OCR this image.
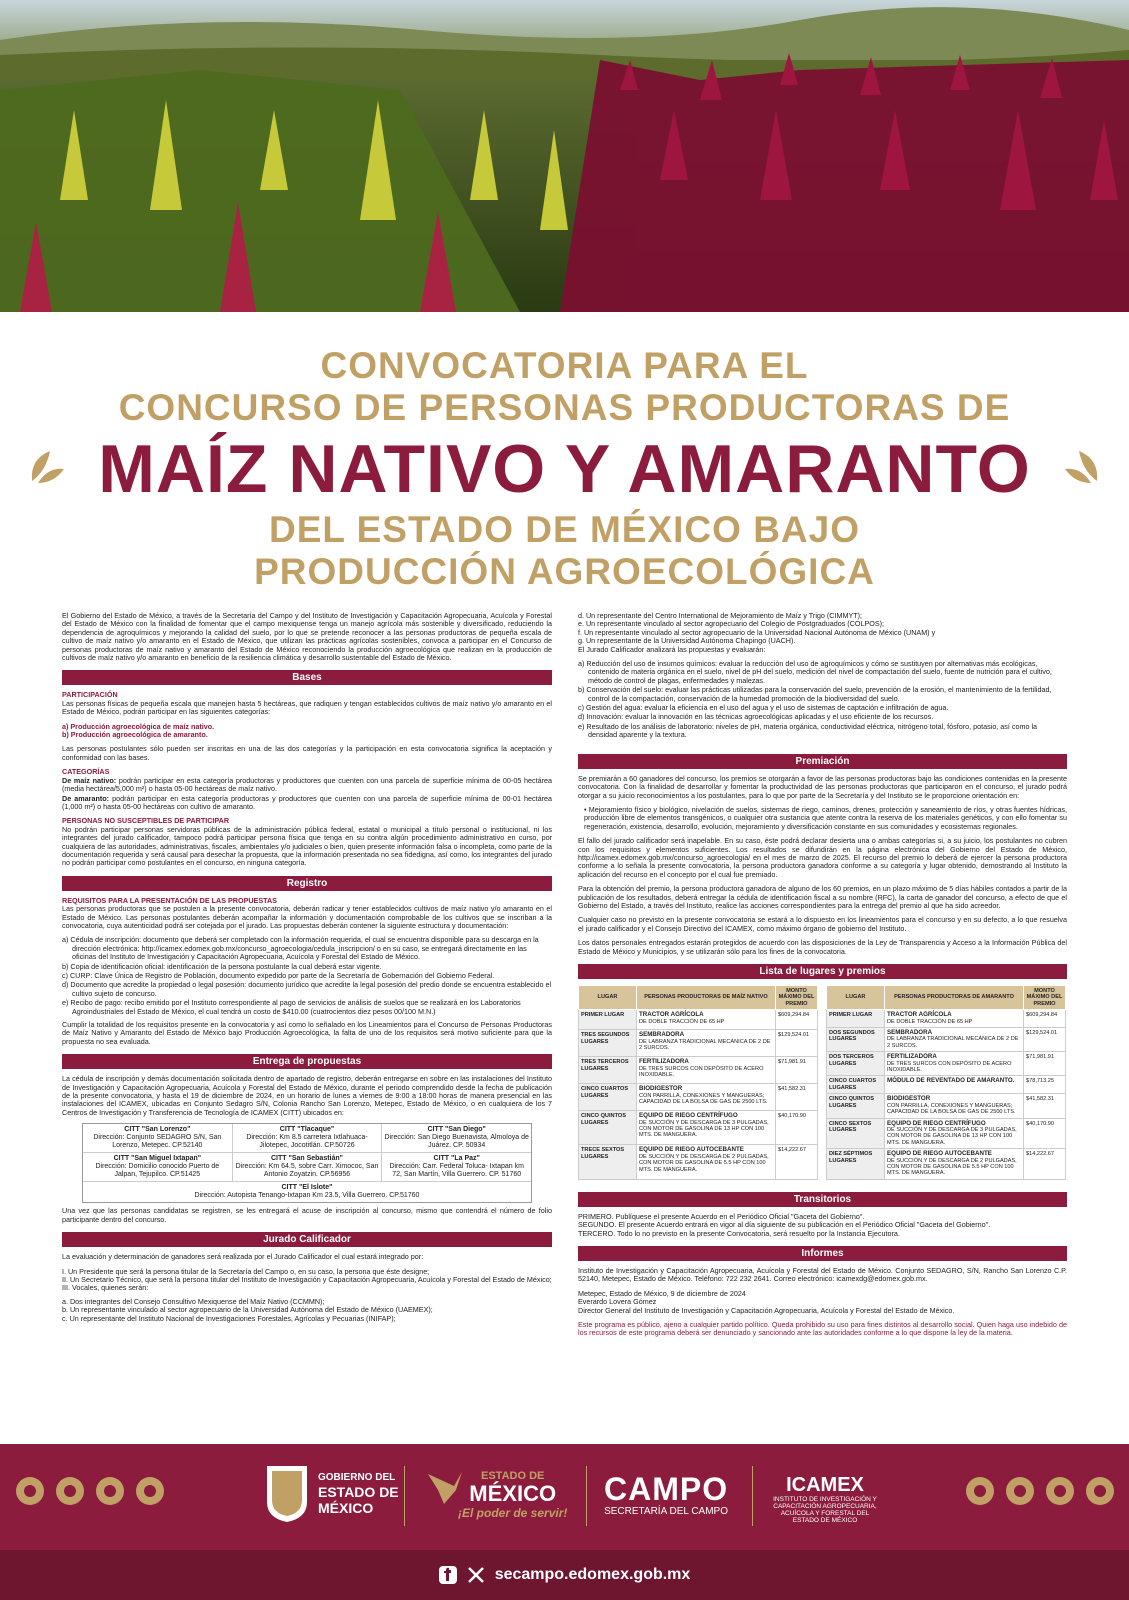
CONVOCATORIA PARA EL
CONCURSO DE PERSONAS PRODUCTORAS DE
MAÍZ NATIVO Y AMARANTO
DEL ESTADO DE MÉXICO BAJO
PRODUCCIÓN AGROECOLÓGICA

El Gobierno del Estado de México, a través de la Secretaría del Campo y del Instituto de Investigación y Capacitación Agropecuaria, Acuícola y Forestal del Estado de México con la finalidad de fomentar que el campo mexiquense tenga un manejo agrícola más sostenible y diversificado, reduciendo la dependencia de agroquímicos y mejorando la calidad del suelo, por lo que se pretende reconocer a las personas productoras de pequeña escala de cultivo de maíz nativo y/o amaranto en el Estado de México, que utilizan las prácticas agrícolas sostenibles, convoca a participar en el Concurso de personas productoras de maíz nativo y amaranto del Estado de México reconociendo la producción agroecológica que realizan en la producción de cultivos de maíz nativo y/o amaranto en beneficio de la resiliencia climática y desarrollo sustentable del Estado de México.

Bases
PARTICIPACIÓN

Las personas físicas de pequeña escala que manejen hasta 5 hectáreas, que radiquen y tengan establecidos cultivos de maíz nativo y/o amaranto en el Estado de México, podrán participar en las siguientes categorías:

a) Producción agroecológica de maíz nativo.
b) Producción agroecológica de amaranto.

Las personas postulantes sólo pueden ser inscritas en una de las dos categorías y la participación en esta convocatoria significa la aceptación y conformidad con las bases.

CATEGORÍAS

De maíz nativo: podrán participar en esta categoría productoras y productores que cuenten con una parcela de superficie mínima de 00-05 hectárea (media hectárea/5,000 m²) o hasta 05-00 hectáreas de maíz nativo.

De amaranto: podrán participar en esta categoría productoras y productores que cuenten con una parcela de superficie mínima de 00-01 hectárea (1,000 m²) o hasta 05-00 hectáreas con cultivo de amaranto.

PERSONAS NO SUSCEPTIBLES DE PARTICIPAR

No podrán participar personas servidoras públicas de la administración pública federal, estatal o municipal a título personal o institucional, ni los integrantes del jurado calificador, tampoco podrá participar persona física que tenga en su contra algún procedimiento administrativo en curso, por cualquiera de las autoridades, administrativas, fiscales, ambientales y/o judiciales o bien, quien presente información falsa o incompleta, como parte de la documentación requerida y será causal para desechar la propuesta, que la información presentada no sea fidedigna, así como, los integrantes del jurado no podrán participar como postulantes en el concurso, en ninguna categoría.

Registro
REQUISITOS PARA LA PRESENTACIÓN DE LAS PROPUESTAS

Las personas productoras que se postulen a la presente convocatoria, deberán radicar y tener establecidos cultivos de maíz nativo y/o amaranto en el Estado de México. Las personas postulantes deberán acompañar la información y documentación comprobable de los cultivos que se inscriban a la convocatoria, cuya autenticidad podrá ser cotejada por el jurado. Las propuestas deberán contener la siguiente estructura y documentación:

a) Cédula de inscripción: documento que deberá ser completado con la información requerida, el cual se encuentra disponible para su descarga en la dirección electrónica: http://icamex.edomex.gob.mx/concurso_agroecologia/cedula_inscripcion/ o en su caso, se entregará directamente en las oficinas del Instituto de Investigación y Capacitación Agropecuaria, Acuícola y Forestal del Estado de México.
b) Copia de identificación oficial: identificación de la persona postulante la cual deberá estar vigente.
c) CURP: Clave Única de Registro de Población, documento expedido por parte de la Secretaría de Gobernación del Gobierno Federal.
d) Documento que acredite la propiedad o legal posesión: documento jurídico que acredite la legal posesión del predio donde se encuentra establecido el cultivo sujeto de concurso.
e) Recibo de pago: recibo emitido por el Instituto correspondiente al pago de servicios de análisis de suelos que se realizará en los Laboratorios Agroindustriales del Estado de México, el cual tendrá un costo de $410.00 (cuatrocientos diez pesos 00/100 M.N.)

Cumplir la totalidad de los requisitos presente en la convocatoria y así como lo señalado en los Lineamientos para el Concurso de Personas Productoras de Maíz Nativo y Amaranto del Estado de México bajo Producción Agroecológica, la falta de uno de los requisitos será motivo suficiente para que la propuesta no sea evaluada.

Entrega de propuestas

La cédula de inscripción y demás documentación solicitada dentro de apartado de registro, deberán entregarse en sobre en las instalaciones del Instituto de Investigación y Capacitación Agropecuaria, Acuícola y Forestal del Estado de México, durante el periodo comprendido desde la fecha de publicación de la presente convocatoria, y hasta el 19 de diciembre de 2024, en un horario de lunes a viernes de 9:00 a 18:00 horas de manera presencial en las instalaciones del ICAMEX, ubicadas en Conjunto Sedagro S/N, Colonia Rancho San Lorenzo, Metepec, Estado de México, o en cualquiera de los 7 Centros de Investigación y Transferencia de Tecnología de ICAMEX (CITT) ubicados en:

CITT "San Lorenzo"
Dirección: Conjunto SEDAGRO S/N, San Lorenzo, Metepec. CP.52140
CITT "Tlacaque"
Dirección: Km 8.5 carretera Ixtlahuaca-Jilotepec, Jocotitlán. CP.50726
CITT "San Diego"
Dirección: San Diego Buenavista, Almoloya de Juárez. CP. 50934
CITT "San Miguel Ixtapan"
Dirección: Domicilio conocido Puerto de Jalpan, Tejupilco. CP.51425
CITT "San Sebastián"
Dirección: Km 64.5, sobre Carr. Ximococ, San Antonio Zoyatzin. CP.56956
CITT "La Paz"
Dirección: Carr. Federal Toluca- Ixtapan km 72, San Martín, Villa Guerrero. CP. 51760
CITT "El Islote"
Dirección: Autopista Tenango-Ixtapan Km 23.5, Villa Guerrero. CP.51760

Una vez que las personas candidatas se registren, se les entregará el acuse de inscripción al concurso, mismo que contendrá el número de folio participante dentro del concurso.

Jurado Calificador

La evaluación y determinación de ganadores será realizada por el Jurado Calificador el cual estará integrado por:

I. Un Presidente que será la persona titular de la Secretaría del Campo o, en su caso, la persona que éste designe;
II. Un Secretario Técnico, que será la persona titular del Instituto de Investigación y Capacitación Agropecuaria, Acuícola y Forestal del Estado de México;
III. Vocales, quienes serán:
a. Dos integrantes del Consejo Consultivo Mexiquense del Maíz Nativo (CCMMN);
b. Un representante vinculado al sector agropecuario de la Universidad Autónoma del Estado de México (UAEMEX);
c. Un representante del Instituto Nacional de Investigaciones Forestales, Agrícolas y Pecuarias (INIFAP);
d. Un representante del Centro International de Mejoramiento de Maíz y Trigo (CIMMYT);
e. Un representante vinculado al sector agropecuario del Colegio de Postgraduados (COLPOS);
f. Un representante vinculado al sector agropecuario de la Universidad Nacional Autónoma de México (UNAM) y
g. Un representante de la Universidad Autónoma Chapingo (UACH).

El Jurado Calificador analizará las propuestas y evaluarán:

a) Reducción del uso de insumos químicos: evaluar la reducción del uso de agroquímicos y cómo se sustituyen por alternativas más ecológicas, contenido de materia orgánica en el suelo, nivel de pH del suelo, medición del nivel de compactación del suelo, fuente de nutrición para el cultivo, método de control de plagas, enfermedades y malezas.
b) Conservación del suelo: evaluar las prácticas utilizadas para la conservación del suelo, prevención de la erosión, el mantenimiento de la fertilidad, control de la compactación, conservación de la humedad promoción de la biodiversidad del suelo.
c) Gestión del agua: evaluar la eficiencia en el uso del agua y el uso de sistemas de captación e infiltración de agua.
d) Innovación: evaluar la innovación en las técnicas agroecológicas aplicadas y el uso eficiente de los recursos.
e) Resultado de los análisis de laboratorio: niveles de pH, materia orgánica, conductividad eléctrica, nitrógeno total, fósforo, potasio, así como la densidad aparente y la textura.
Premiación

Se premiarán a 60 ganadores del concurso, los premios se otorgarán a favor de las personas productoras bajo las condiciones contenidas en la presente convocatoria. Con la finalidad de desarrollar y fomentar la productividad de las personas productoras que participaron en el concurso, el jurado podrá otorgar a su juicio reconocimientos a los postulantes, para lo que por parte de la Secretaría y del Instituto se le proporcione orientación en:

• Mejoramiento físico y biológico, nivelación de suelos, sistemas de riego, caminos, drenes, protección y saneamiento de ríos, y otras fuentes hídricas, producción libre de elementos transgénicos, o cualquier otra sustancia que atente contra la reserva de los materiales genéticos, y con ello fomentar su regeneración, existencia, desarrollo, evolución, mejoramiento y diversificación constante en sus comunidades y ecosistemas regionales.

El fallo del jurado calificador será inapelable. En su caso, éste podrá declarar desierta una o ambas categorías si, a su juicio, los postulantes no cubren con los requisitos y elementos suficientes. Los resultados se difundirán en la página electrónica del Gobierno del Estado de México, http://icamex.edomex.gob.mx/concurso_agroecologia/ en el mes de marzo de 2025. El recurso del premio lo deberá de ejercer la persona productora conforme a lo señala la presente convocatoria, la persona productora ganadora conforme a su categoría y lugar obtenido, demostrando al Instituto la aplicación del recurso en el concepto por el cual fue premiado.

Para la obtención del premio, la persona productora ganadora de alguno de los 60 premios, en un plazo máximo de 5 días hábiles contados a partir de la publicación de los resultados, deberá entregar la cédula de identificación fiscal a su nombre (RFC), la carta de ganador del concurso, a efecto de que el Gobierno del Estado, a través del Instituto, realice las acciones correspondientes para la entrega del premio al que ha sido acreedor.

Cualquier caso no previsto en la presente convocatoria se estará a lo dispuesto en los lineamientos para el concurso y en su defecto, a lo que resuelva el jurado calificador y el Consejo Directivo del ICAMEX, como máximo órgano de gobierno del Instituto.

Los datos personales entregados estarán protegidos de acuerdo con las disposiciones de la Ley de Transparencia y Acceso a la Información Pública del Estado de México y Municipios, y se utilizarán sólo para los fines de la convocatoria.

Lista de lugares y premios
LUGAR	PERSONAS PRODUCTORAS DE MAÍZ NATIVO	MONTO MÁXIMO DEL PREMIO
PRIMER LUGAR	TRACTOR AGRÍCOLA
DE DOBLE TRACCIÓN DE 65 HP	$609,294.84
TRES SEGUNDOS LUGARES	SEMBRADORA
DE LABRANZA TRADICIONAL MECÁNICA DE 2 DE 2 SURCOS.	$129,524.01
TRES TERCEROS LUGARES	FERTILIZADORA
DE TRES SURCOS CON DEPÓSITO DE ACERO INOXIDABLE.	$71,981.91
CINCO CUARTOS LUGARES	BIODIGESTOR
CON PARRILLA, CONEXIONES Y MANGUERAS; CAPACIDAD DE LA BOLSA DE GAS DE 2500 LTS.	$41,582.31
CINCO QUINTOS LUGARES	EQUIPO DE RIEGO CENTRÍFUGO
DE SUCCIÓN Y DE DESCARGA DE 3 PULGADAS, CON MOTOR DE GASOLINA DE 13 HP CON 100 MTS. DE MANGUERA.	$40,170.90
TRECE SEXTOS LUGARES	EQUIPO DE RIEGO AUTOCEBANTE
DE SUCCIÓN Y DE DESCARGA DE 2 PULGADAS, CON MOTOR DE GASOLINA DE 5.5 HP CON 100 MTS. DE MANGUERA.	$14,222.67
LUGAR	PERSONAS PRODUCTORAS DE AMARANTO	MONTO MÁXIMO DEL PREMIO
PRIMER LUGAR	TRACTOR AGRÍCOLA
DE DOBLE TRACCIÓN DE 65 HP	$609,294.84
DOS SEGUNDOS LUGARES	SEMBRADORA
DE LABRANZA TRADICIONAL MECÁNICA DE 2 DE 2 SURCOS.	$129,524.01
DOS TERCEROS LUGARES	FERTILIZADORA
DE TRES SURCOS CON DEPÓSITO DE ACERO INOXIDABLE.	$71,981.91
CINCO CUARTOS LUGARES	MÓDULO DE REVENTADO DE AMARANTO.	$78,713.25
CINCO QUINTOS LUGARES	BIODIGESTOR
CON PARRILLA, CONEXIONES Y MANGUERAS; CAPACIDAD DE LA BOLSA DE GAS DE 2500 LTS.	$41,582.31
CINCO SEXTOS LUGARES	EQUIPO DE RIEGO CENTRÍFUGO
DE SUCCIÓN Y DE DESCARGA DE 3 PULGADAS, CON MOTOR DE GASOLINA DE 13 HP CON 100 MTS. DE MANGUERA.	$40,170.90
DIEZ SÉPTIMOS LUGARES	EQUIPO DE RIEGO AUTOCEBANTE
DE SUCCIÓN Y DE DESCARGA DE 2 PULGADAS, CON MOTOR DE GASOLINA DE 5.5 HP CON 100 MTS. DE MANGUERA.	$14,222.67
Transitorios
PRIMERO. Publíquese el presente Acuerdo en el Periódico Oficial "Gaceta del Gobierno".
SEGUNDO. El presente Acuerdo entrará en vigor al día siguiente de su publicación en el Periódico Oficial "Gaceta del Gobierno".
TERCERO. Todo lo no previsto en la presente Convocatoria, será resuelto por la Instancia Ejecutora.
Informes

Instituto de Investigación y Capacitación Agropecuaria, Acuícola y Forestal del Estado de México. Conjunto SEDAGRO, S/N, Rancho San Lorenzo C.P. 52140, Metepec, Estado de México. Teléfono: 722 232 2641. Correo electrónico: icamexdg@edomex.gob.mx.

Metepec, Estado de México, 9 de diciembre de 2024
Everardo Lovera Gómez
Director General del Instituto de Investigación y Capacitación Agropecuaria, Acuícola y Forestal del Estado de México.

Este programa es público, ajeno a cualquier partido político. Queda prohibido su uso para fines distintos al desarrollo social. Quien haga uso indebido de los recursos de este programa deberá ser denunciado y sancionado ante las autoridades conforme a lo que dispone la ley de la materia.

GOBIERNO DEL
ESTADO DE
MÉXICO
ESTADO DE
MÉXICO
¡El poder de servir!
CAMPO
SECRETARÍA DEL CAMPO
ICAMEX
INSTITUTO DE INVESTIGACIÓN Y CAPACITACIÓN AGROPECUARIA, ACUÍCOLA Y FORESTAL DEL ESTADO DE MÉXICO
secampo.edomex.gob.mx
